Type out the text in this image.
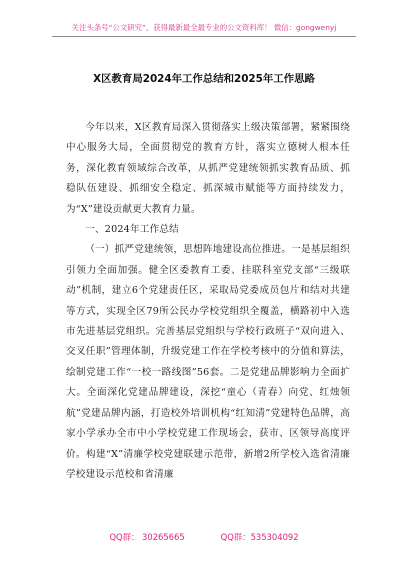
关注头条号“公文研究”，获得最新最全最专业的公文资料库！ 微信：gongwenyj
X区教育局2024年工作总结和2025年工作思路

今年以来，X区教育局深入贯彻落实上级决策部署，紧紧围绕中心服务大局，全面贯彻党的教育方针，落实立德树人根本任务，深化教育领域综合改革，从抓严党建统领抓实教育品质、抓稳队伍建设、抓细安全稳定、抓深城市赋能等方面持续发力，为“X”建设贡献更大教育力量。

一、2024年工作总结

（一）抓严党建统领，思想阵地建设高位推进。一是基层组织引领力全面加强。健全区委教育工委、挂联科室党支部“三级联动”机制，建立6个党建责任区，采取局党委成员包片和结对共建等方式，实现全区79所公民办学校党组织全覆盖，横路初中入选市先进基层党组织。完善基层党组织与学校行政班子“双向进入、交叉任职”管理体制，升级党建工作在学校考核中的分值和算法，绘制党建工作“一校一路线图”56套。二是党建品牌影响力全面扩大。全面深化党建品牌建设，深挖“童心（青春）向党、红烛领航”党建品牌内涵，打造校外培训机构“红知清”党建特色品牌，高家小学承办全市中小学校党建工作现场会，获市、区领导高度评价。构建“X”清廉学校党建联建示范带，新增2所学校入选省清廉学校建设示范校和省清廉

QQ群： 30265665	QQ群：535304092
